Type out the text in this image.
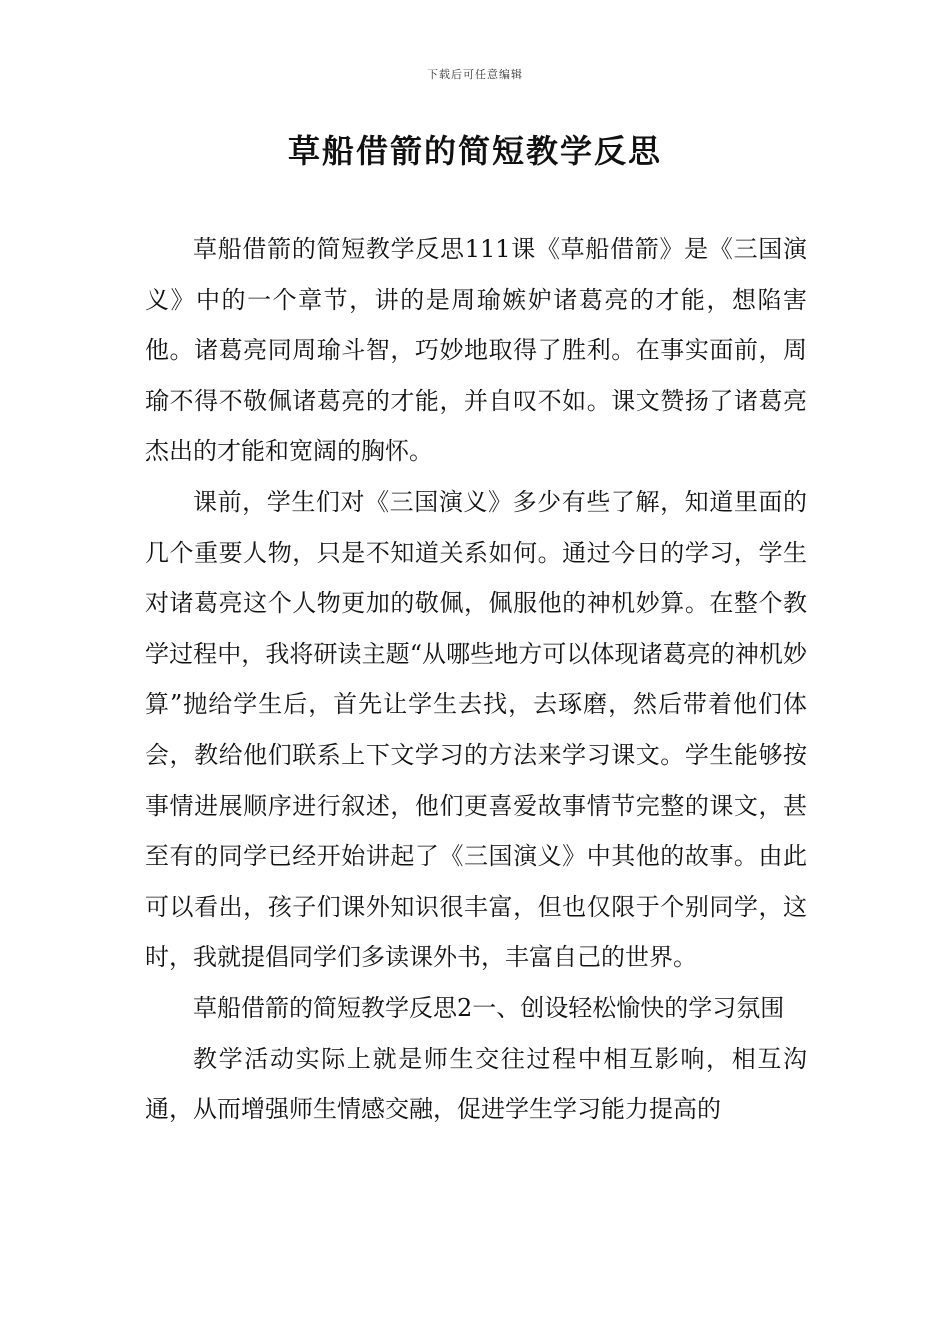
下载后可任意编辑
草船借箭的简短教学反思

草船借箭的简短教学反思111课《草船借箭》是《三国演义》中的一个章节，讲的是周瑜嫉妒诸葛亮的才能，想陷害他。诸葛亮同周瑜斗智，巧妙地取得了胜利。在事实面前，周瑜不得不敬佩诸葛亮的才能，并自叹不如。课文赞扬了诸葛亮杰出的才能和宽阔的胸怀。

课前，学生们对《三国演义》多少有些了解，知道里面的几个重要人物，只是不知道关系如何。通过今日的学习，学生对诸葛亮这个人物更加的敬佩，佩服他的神机妙算。在整个教学过程中，我将研读主题“从哪些地方可以体现诸葛亮的神机妙算”抛给学生后，首先让学生去找，去琢磨，然后带着他们体会，教给他们联系上下文学习的方法来学习课文。学生能够按事情进展顺序进行叙述，他们更喜爱故事情节完整的课文，甚至有的同学已经开始讲起了《三国演义》中其他的故事。由此可以看出，孩子们课外知识很丰富，但也仅限于个别同学，这时，我就提倡同学们多读课外书，丰富自己的世界。

草船借箭的简短教学反思2一、创设轻松愉快的学习氛围

教学活动实际上就是师生交往过程中相互影响，相互沟通，从而增强师生情感交融，促进学生学习能力提高的
